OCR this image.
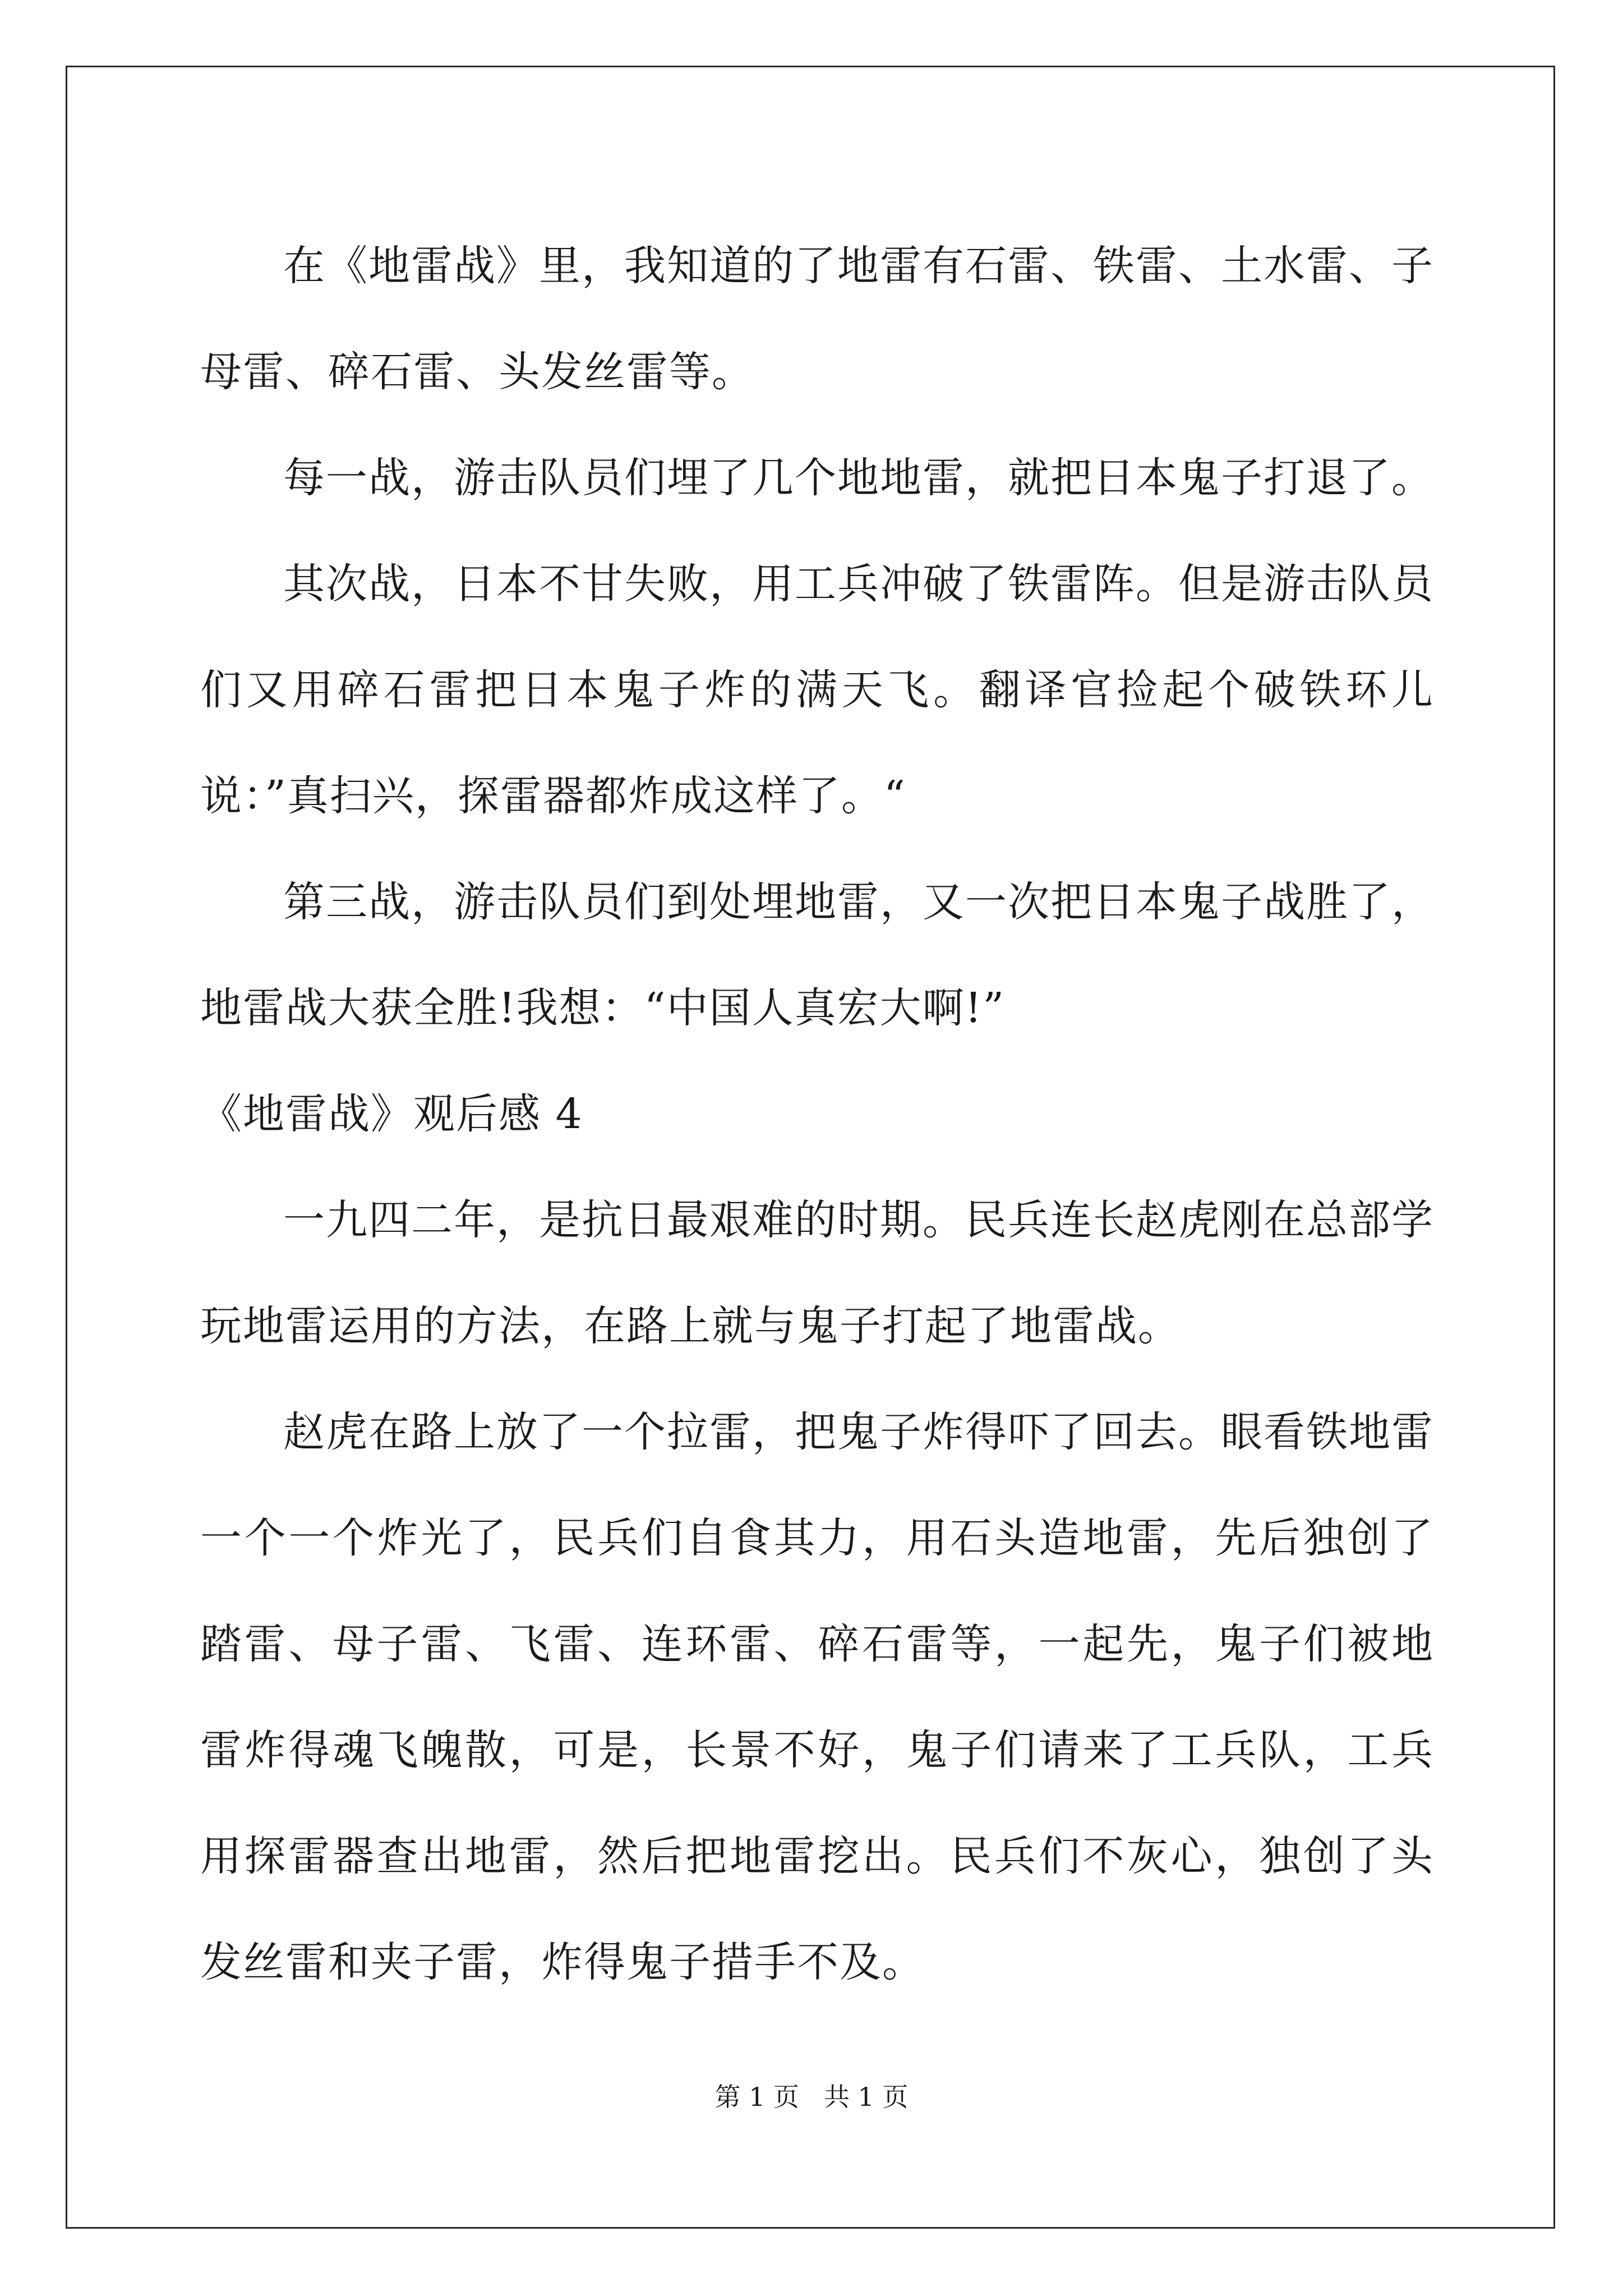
在《地雷战》里，我知道的了地雷有石雷、铁雷、土水雷、子母雷、碎石雷、头发丝雷等。

每一战，游击队员们埋了几个地地雷，就把日本鬼子打退了。

其次战，日本不甘失败，用工兵冲破了铁雷阵。但是游击队员们又用碎石雷把日本鬼子炸的满天飞。翻译官捡起个破铁环儿说：”真扫兴，探雷器都炸成这样了。“

第三战，游击队员们到处埋地雷，又一次把日本鬼子战胜了，地雷战大获全胜!我想：“中国人真宏大啊!”

《地雷战》观后感 4

一九四二年，是抗日最艰难的时期。民兵连长赵虎刚在总部学玩地雷运用的方法，在路上就与鬼子打起了地雷战。

赵虎在路上放了一个拉雷，把鬼子炸得吓了回去。眼看铁地雷一个一个炸光了，民兵们自食其力，用石头造地雷，先后独创了踏雷、母子雷、飞雷、连环雷、碎石雷等，一起先，鬼子们被地雷炸得魂飞魄散，可是，长景不好，鬼子们请来了工兵队，工兵用探雷器查出地雷，然后把地雷挖出。民兵们不灰心，独创了头发丝雷和夹子雷，炸得鬼子措手不及。

第 1 页 共 1 页
